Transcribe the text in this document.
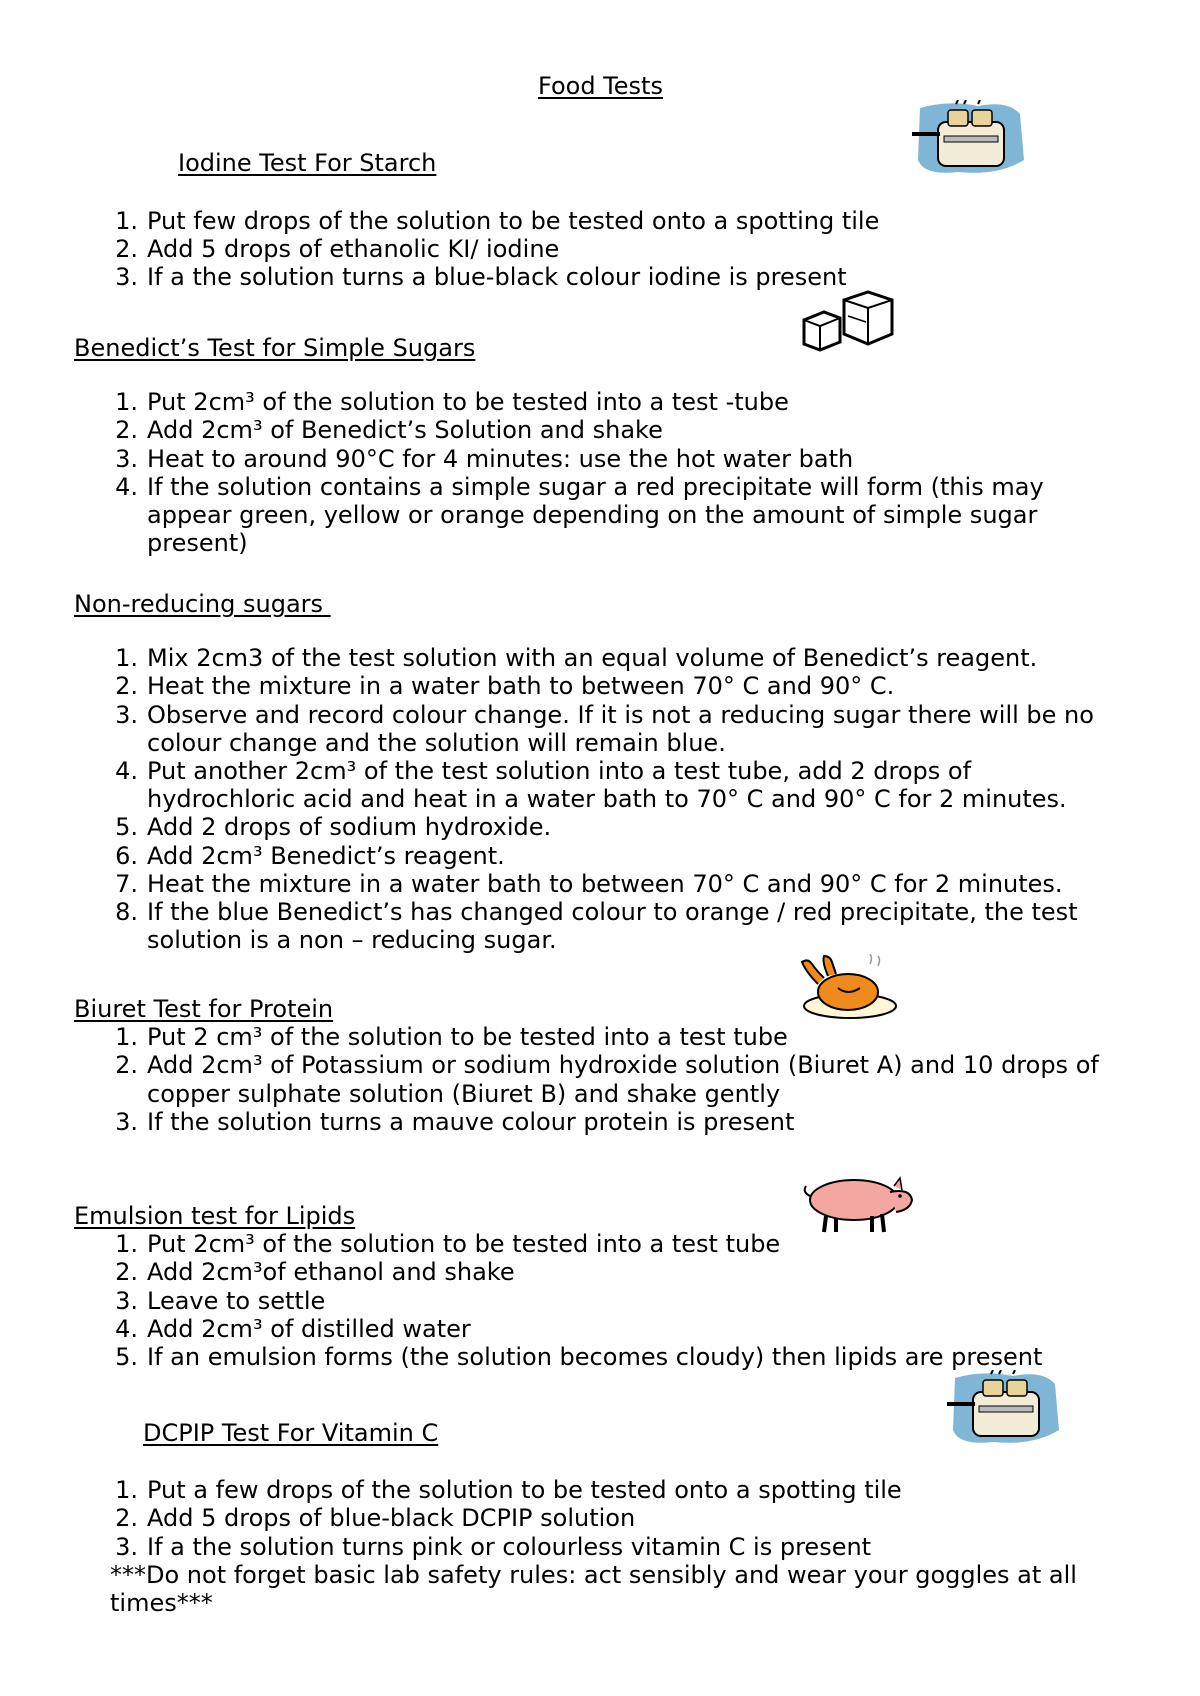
Food Tests
Iodine Test For Starch
1. Put few drops of the solution to be tested onto a spotting tile
2. Add 5 drops of ethanolic KI/ iodine
3. If a the solution turns a blue-black colour iodine is present
Benedict’s Test for Simple Sugars
1. Put 2cm³ of the solution to be tested into a test -tube
2. Add 2cm³ of Benedict’s Solution and shake
3. Heat to around 90°C for 4 minutes: use the hot water bath
4. If the solution contains a simple sugar a red precipitate will form (this may
appear green, yellow or orange depending on the amount of simple sugar
present)
Non-reducing sugars
1. Mix 2cm3 of the test solution with an equal volume of Benedict’s reagent.
2. Heat the mixture in a water bath to between 70° C and 90° C.
3. Observe and record colour change. If it is not a reducing sugar there will be no
colour change and the solution will remain blue.
4. Put another 2cm³ of the test solution into a test tube, add 2 drops of
hydrochloric acid and heat in a water bath to 70° C and 90° C for 2 minutes.
5. Add 2 drops of sodium hydroxide.
6. Add 2cm³ Benedict’s reagent.
7. Heat the mixture in a water bath to between 70° C and 90° C for 2 minutes.
8. If the blue Benedict’s has changed colour to orange / red precipitate, the test
solution is a non – reducing sugar.
Biuret Test for Protein
1. Put 2 cm³ of the solution to be tested into a test tube
2. Add 2cm³ of Potassium or sodium hydroxide solution (Biuret A) and 10 drops of
copper sulphate solution (Biuret B) and shake gently
3. If the solution turns a mauve colour protein is present
Emulsion test for Lipids
1. Put 2cm³ of the solution to be tested into a test tube
2. Add 2cm³of ethanol and shake
3. Leave to settle
4. Add 2cm³ of distilled water
5. If an emulsion forms (the solution becomes cloudy) then lipids are present
DCPIP Test For Vitamin C
1. Put a few drops of the solution to be tested onto a spotting tile
2. Add 5 drops of blue-black DCPIP solution
3. If a the solution turns pink or colourless vitamin C is present
***Do not forget basic lab safety rules: act sensibly and wear your goggles at all
times***
